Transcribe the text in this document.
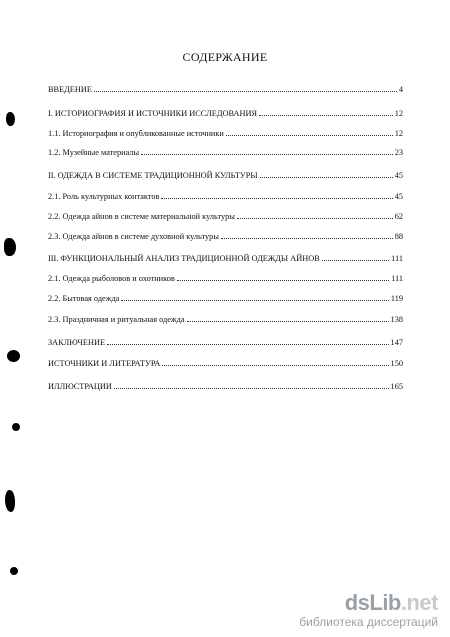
СОДЕРЖАНИЕ
ВВЕДЕНИЕ	4
I. ИСТОРИОГРАФИЯ И ИСТОЧНИКИ ИССЛЕДОВАНИЯ	12
1.1. Историография и опубликованные источники	12
1.2. Музейные материалы	23
II. ОДЕЖДА В СИСТЕМЕ ТРАДИЦИОННОЙ КУЛЬТУРЫ	45
2.1. Роль культурных контактов	45
2.2. Одежда айнов в системе материальной культуры	62
2.3. Одежда айнов в системе духовной культуры	88
III. ФУНКЦИОНАЛЬНЫЙ АНАЛИЗ ТРАДИЦИОННОЙ ОДЕЖДЫ АЙНОВ	111
2.1. Одежда рыболовов и охотников	111
2.2. Бытовая одежда	119
2.3. Праздничная и ритуальная одежда	138
ЗАКЛЮЧЕНИЕ	147
ИСТОЧНИКИ И ЛИТЕРАТУРА	150
ИЛЛЮСТРАЦИИ	165
dsLib.net
библиотека диссертаций
